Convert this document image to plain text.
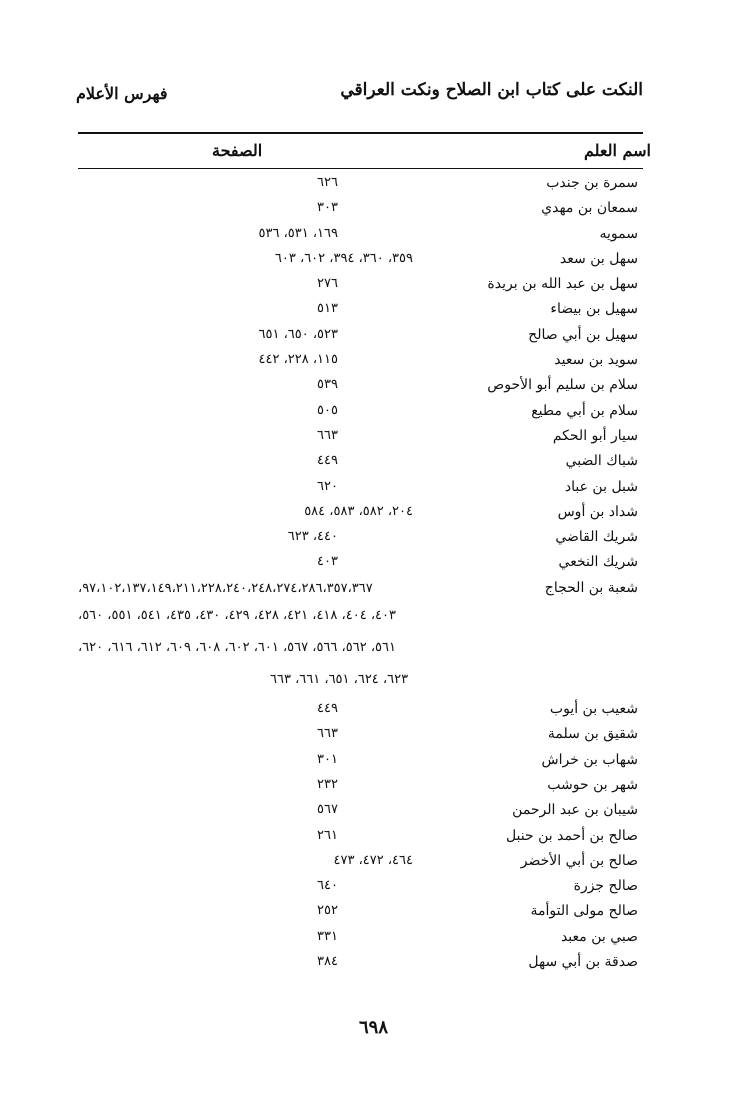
النكت على كتاب ابن الصلاح ونكت العراقي
فهرس الأعلام
اسم العلم
الصفحة
سمرة بن جندب
٦٢٦
سمعان بن مهدي
٣٠٣
سمويه
١٦٩، ٥٣١، ٥٣٦
سهل بن سعد
٣٥٩، ٣٦٠، ٣٩٤، ٦٠٢، ٦٠٣
سهل بن عبد الله بن بريدة
٢٧٦
سهيل بن بيضاء
٥١٣
سهيل بن أبي صالح
٥٢٣، ٦٥٠، ٦٥١
سويد بن سعيد
١١٥، ٢٢٨، ٤٤٢
سلام بن سليم أبو الأحوص
٥٣٩
سلام بن أبي مطيع
٥٠٥
سيار أبو الحكم
٦٦٣
شباك الضبي
٤٤٩
شبل بن عباد
٦٢٠
شداد بن أوس
٢٠٤، ٥٨٢، ٥٨٣، ٥٨٤
شريك القاضي
٤٤٠، ٦٢٣
شريك النخعي
٤٠٣
شعبة بن الحجاج
٩٧،١٠٢،١٣٧،١٤٩،٢١١،٢٢٨،٢٤٠،٢٤٨،٢٧٤،٢٨٦،٣٥٧،٣٦٧،
٤٠٣، ٤٠٤، ٤١٨، ٤٢١، ٤٢٨، ٤٢٩، ٤٣٠، ٤٣٥، ٥٤١، ٥٥١، ٥٦٠،
٥٦١، ٥٦٢، ٥٦٦، ٥٦٧، ٦٠١، ٦٠٢، ٦٠٨، ٦٠٩، ٦١٢، ٦١٦، ٦٢٠،
٦٢٣، ٦٢٤، ٦٥١، ٦٦١، ٦٦٣
شعيب بن أيوب
٤٤٩
شقيق بن سلمة
٦٦٣
شهاب بن خراش
٣٠١
شهر بن حوشب
٢٣٢
شيبان بن عبد الرحمن
٥٦٧
صالح بن أحمد بن حنبل
٢٦١
صالح بن أبي الأخضر
٤٦٤، ٤٧٢، ٤٧٣
صالح جزرة
٦٤٠
صالح مولى التوأمة
٢٥٢
صبي بن معبد
٣٣١
صدقة بن أبي سهل
٣٨٤
٦٩٨
